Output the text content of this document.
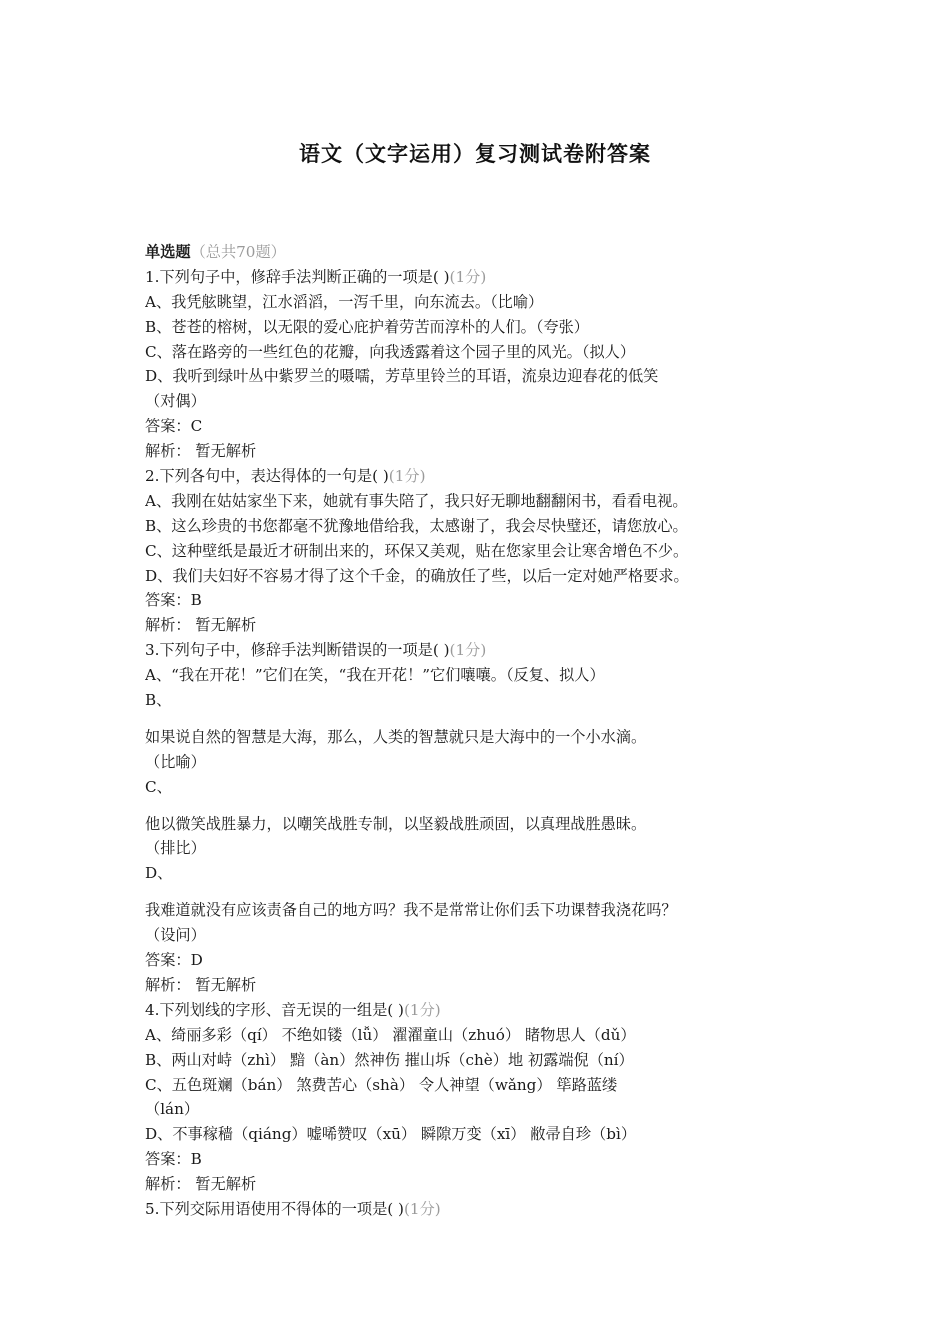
语文（文字运用）复习测试卷附答案
单选题（总共70题）
1.下列句子中，修辞手法判断正确的一项是( )(1分)
A、我凭舷眺望，江水滔滔，一泻千里，向东流去。（比喻）
B、苍苍的榕树，以无限的爱心庇护着劳苦而淳朴的人们。（夸张）
C、落在路旁的一些红色的花瓣，向我透露着这个园子里的风光。（拟人）
D、我听到绿叶丛中紫罗兰的嗫嚅，芳草里铃兰的耳语，流泉边迎春花的低笑
（对偶）
答案：C
解析： 暂无解析
2.下列各句中，表达得体的一句是( )(1分)
A、我刚在姑姑家坐下来，她就有事失陪了，我只好无聊地翻翻闲书，看看电视。
B、这么珍贵的书您都毫不犹豫地借给我，太感谢了，我会尽快璧还，请您放心。
C、这种壁纸是最近才研制出来的，环保又美观，贴在您家里会让寒舍增色不少。
D、我们夫妇好不容易才得了这个千金，的确放任了些，以后一定对她严格要求。
答案：B
解析： 暂无解析
3.下列句子中，修辞手法判断错误的一项是( )(1分)
A、“我在开花！”它们在笑，“我在开花！”它们嚷嚷。（反复、拟人）
B、
如果说自然的智慧是大海，那么，人类的智慧就只是大海中的一个小水滴。
（比喻）
C、
他以微笑战胜暴力，以嘲笑战胜专制，以坚毅战胜顽固，以真理战胜愚昧。
（排比）
D、
我难道就没有应该责备自己的地方吗？我不是常常让你们丢下功课替我浇花吗？
（设问）
答案：D
解析： 暂无解析
4.下列划线的字形、音无误的一组是( )(1分)
A、绮丽多彩（qí） 不绝如镂（lǚ） 濯濯童山（zhuó） 睹物思人（dǔ）
B、两山对峙（zhì） 黯（àn）然神伤 摧山坼（chè）地 初露端倪（ní）
C、五色斑斓（bán） 煞费苦心（shà） 令人神望（wǎng） 筚路蓝缕
（lán）
D、不事稼穑（qiáng）嘘唏赞叹（xū） 瞬隙万变（xī） 敝帚自珍（bì）
答案：B
解析： 暂无解析
5.下列交际用语使用不得体的一项是( )(1分)
